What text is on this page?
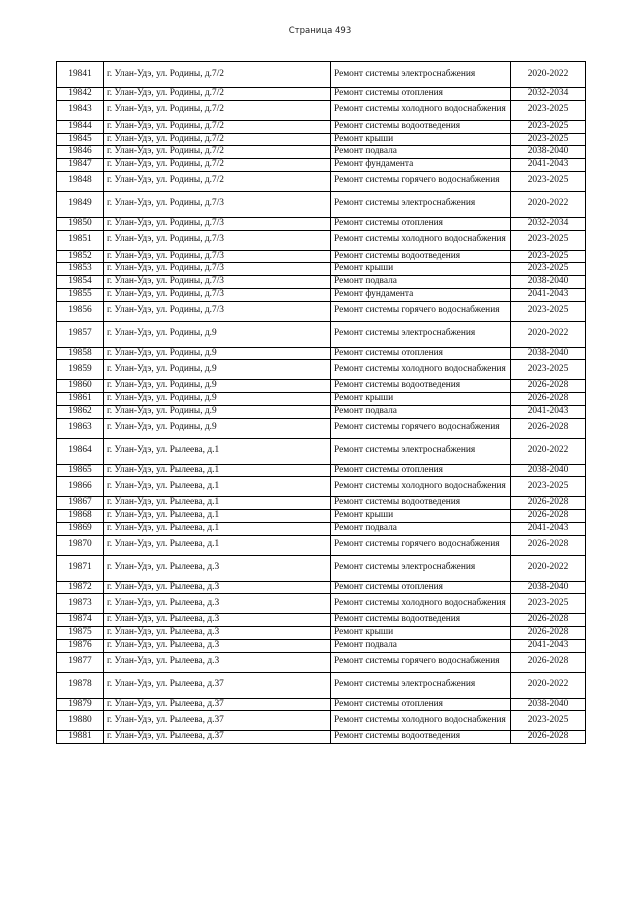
Страница 493
19841	г. Улан-Удэ, ул. Родины, д.7/2	Ремонт системы электроснабжения	2020-2022
19842	г. Улан-Удэ, ул. Родины, д.7/2	Ремонт системы отопления	2032-2034
19843	г. Улан-Удэ, ул. Родины, д.7/2	Ремонт системы холодного водоснабжения	2023-2025
19844	г. Улан-Удэ, ул. Родины, д.7/2	Ремонт системы водоотведения	2023-2025
19845	г. Улан-Удэ, ул. Родины, д.7/2	Ремонт крыши	2023-2025
19846	г. Улан-Удэ, ул. Родины, д.7/2	Ремонт подвала	2038-2040
19847	г. Улан-Удэ, ул. Родины, д.7/2	Ремонт фундамента	2041-2043
19848	г. Улан-Удэ, ул. Родины, д.7/2	Ремонт системы горячего водоснабжения	2023-2025
19849	г. Улан-Удэ, ул. Родины, д.7/3	Ремонт системы электроснабжения	2020-2022
19850	г. Улан-Удэ, ул. Родины, д.7/3	Ремонт системы отопления	2032-2034
19851	г. Улан-Удэ, ул. Родины, д.7/3	Ремонт системы холодного водоснабжения	2023-2025
19852	г. Улан-Удэ, ул. Родины, д.7/3	Ремонт системы водоотведения	2023-2025
19853	г. Улан-Удэ, ул. Родины, д.7/3	Ремонт крыши	2023-2025
19854	г. Улан-Удэ, ул. Родины, д.7/3	Ремонт подвала	2038-2040
19855	г. Улан-Удэ, ул. Родины, д.7/3	Ремонт фундамента	2041-2043
19856	г. Улан-Удэ, ул. Родины, д.7/3	Ремонт системы горячего водоснабжения	2023-2025
19857	г. Улан-Удэ, ул. Родины, д.9	Ремонт системы электроснабжения	2020-2022
19858	г. Улан-Удэ, ул. Родины, д.9	Ремонт системы отопления	2038-2040
19859	г. Улан-Удэ, ул. Родины, д.9	Ремонт системы холодного водоснабжения	2023-2025
19860	г. Улан-Удэ, ул. Родины, д.9	Ремонт системы водоотведения	2026-2028
19861	г. Улан-Удэ, ул. Родины, д.9	Ремонт крыши	2026-2028
19862	г. Улан-Удэ, ул. Родины, д.9	Ремонт подвала	2041-2043
19863	г. Улан-Удэ, ул. Родины, д.9	Ремонт системы горячего водоснабжения	2026-2028
19864	г. Улан-Удэ, ул. Рылеева, д.1	Ремонт системы электроснабжения	2020-2022
19865	г. Улан-Удэ, ул. Рылеева, д.1	Ремонт системы отопления	2038-2040
19866	г. Улан-Удэ, ул. Рылеева, д.1	Ремонт системы холодного водоснабжения	2023-2025
19867	г. Улан-Удэ, ул. Рылеева, д.1	Ремонт системы водоотведения	2026-2028
19868	г. Улан-Удэ, ул. Рылеева, д.1	Ремонт крыши	2026-2028
19869	г. Улан-Удэ, ул. Рылеева, д.1	Ремонт подвала	2041-2043
19870	г. Улан-Удэ, ул. Рылеева, д.1	Ремонт системы горячего водоснабжения	2026-2028
19871	г. Улан-Удэ, ул. Рылеева, д.3	Ремонт системы электроснабжения	2020-2022
19872	г. Улан-Удэ, ул. Рылеева, д.3	Ремонт системы отопления	2038-2040
19873	г. Улан-Удэ, ул. Рылеева, д.3	Ремонт системы холодного водоснабжения	2023-2025
19874	г. Улан-Удэ, ул. Рылеева, д.3	Ремонт системы водоотведения	2026-2028
19875	г. Улан-Удэ, ул. Рылеева, д.3	Ремонт крыши	2026-2028
19876	г. Улан-Удэ, ул. Рылеева, д.3	Ремонт подвала	2041-2043
19877	г. Улан-Удэ, ул. Рылеева, д.3	Ремонт системы горячего водоснабжения	2026-2028
19878	г. Улан-Удэ, ул. Рылеева, д.37	Ремонт системы электроснабжения	2020-2022
19879	г. Улан-Удэ, ул. Рылеева, д.37	Ремонт системы отопления	2038-2040
19880	г. Улан-Удэ, ул. Рылеева, д.37	Ремонт системы холодного водоснабжения	2023-2025
19881	г. Улан-Удэ, ул. Рылеева, д.37	Ремонт системы водоотведения	2026-2028
